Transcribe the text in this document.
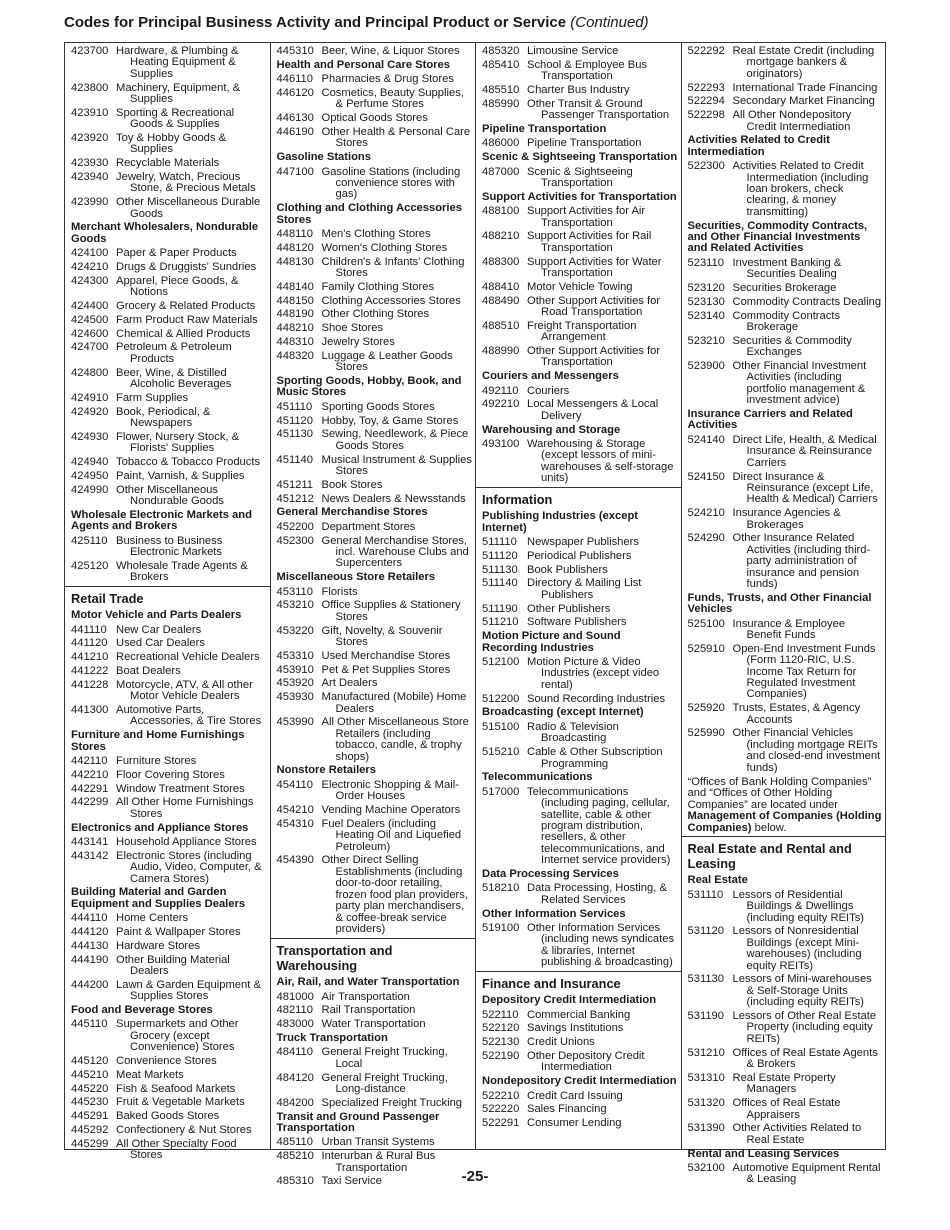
Codes for Principal Business Activity and Principal Product or Service (Continued)
423700 Hardware, & Plumbing & Heating Equipment & Supplies
423800 Machinery, Equipment, & Supplies
423910 Sporting & Recreational Goods & Supplies
423920 Toy & Hobby Goods & Supplies
423930 Recyclable Materials
423940 Jewelry, Watch, Precious Stone, & Precious Metals
423990 Other Miscellaneous Durable Goods
Merchant Wholesalers, Nondurable Goods
424100 Paper & Paper Products
424210 Drugs & Druggists' Sundries
424300 Apparel, Piece Goods, & Notions
424400 Grocery & Related Products
424500 Farm Product Raw Materials
424600 Chemical & Allied Products
424700 Petroleum & Petroleum Products
424800 Beer, Wine, & Distilled Alcoholic Beverages
424910 Farm Supplies
424920 Book, Periodical, & Newspapers
424930 Flower, Nursery Stock, & Florists' Supplies
424940 Tobacco & Tobacco Products
424950 Paint, Varnish, & Supplies
424990 Other Miscellaneous Nondurable Goods
Wholesale Electronic Markets and Agents and Brokers
425110 Business to Business Electronic Markets
425120 Wholesale Trade Agents & Brokers
Retail Trade
Motor Vehicle and Parts Dealers
441110 New Car Dealers
441120 Used Car Dealers
441210 Recreational Vehicle Dealers
441222 Boat Dealers
441228 Motorcycle, ATV, & All other Motor Vehicle Dealers
441300 Automotive Parts, Accessories, & Tire Stores
Furniture and Home Furnishings Stores
442110 Furniture Stores
442210 Floor Covering Stores
442291 Window Treatment Stores
442299 All Other Home Furnishings Stores
Electronics and Appliance Stores
443141 Household Appliance Stores
443142 Electronic Stores (including Audio, Video, Computer, & Camera Stores)
Building Material and Garden Equipment and Supplies Dealers
444110 Home Centers
444120 Paint & Wallpaper Stores
444130 Hardware Stores
444190 Other Building Material Dealers
444200 Lawn & Garden Equipment & Supplies Stores
Food and Beverage Stores
445110 Supermarkets and Other Grocery (except Convenience) Stores
445120 Convenience Stores
445210 Meat Markets
445220 Fish & Seafood Markets
445230 Fruit & Vegetable Markets
445291 Baked Goods Stores
445292 Confectionery & Nut Stores
445299 All Other Specialty Food Stores
445310 Beer, Wine, & Liquor Stores
Health and Personal Care Stores
446110 Pharmacies & Drug Stores
446120 Cosmetics, Beauty Supplies, & Perfume Stores
446130 Optical Goods Stores
446190 Other Health & Personal Care Stores
Gasoline Stations
447100 Gasoline Stations (including convenience stores with gas)
Clothing and Clothing Accessories Stores
448110 Men's Clothing Stores
448120 Women's Clothing Stores
448130 Children's & Infants' Clothing Stores
448140 Family Clothing Stores
448150 Clothing Accessories Stores
448190 Other Clothing Stores
448210 Shoe Stores
448310 Jewelry Stores
448320 Luggage & Leather Goods Stores
Sporting Goods, Hobby, Book, and Music Stores
451110 Sporting Goods Stores
451120 Hobby, Toy, & Game Stores
451130 Sewing, Needlework, & Piece Goods Stores
451140 Musical Instrument & Supplies Stores
451211 Book Stores
451212 News Dealers & Newsstands
General Merchandise Stores
452200 Department Stores
452300 General Merchandise Stores, incl. Warehouse Clubs and Supercenters
Miscellaneous Store Retailers
453110 Florists
453210 Office Supplies & Stationery Stores
453220 Gift, Novelty, & Souvenir Stores
453310 Used Merchandise Stores
453910 Pet & Pet Supplies Stores
453920 Art Dealers
453930 Manufactured (Mobile) Home Dealers
453990 All Other Miscellaneous Store Retailers (including tobacco, candle, & trophy shops)
Nonstore Retailers
454110 Electronic Shopping & Mail-Order Houses
454210 Vending Machine Operators
454310 Fuel Dealers (including Heating Oil and Liquefied Petroleum)
454390 Other Direct Selling Establishments (including door-to-door retailing, frozen food plan providers, party plan merchandisers, & coffee-break service providers)
Transportation and Warehousing
Air, Rail, and Water Transportation
481000 Air Transportation
482110 Rail Transportation
483000 Water Transportation
Truck Transportation
484110 General Freight Trucking, Local
484120 General Freight Trucking, Long-distance
484200 Specialized Freight Trucking
Transit and Ground Passenger Transportation
485110 Urban Transit Systems
485210 Interurban & Rural Bus Transportation
485310 Taxi Service
485320 Limousine Service
485410 School & Employee Bus Transportation
485510 Charter Bus Industry
485990 Other Transit & Ground Passenger Transportation
Pipeline Transportation
486000 Pipeline Transportation
Scenic & Sightseeing Transportation
487000 Scenic & Sightseeing Transportation
Support Activities for Transportation
488100 Support Activities for Air Transportation
488210 Support Activities for Rail Transportation
488300 Support Activities for Water Transportation
488410 Motor Vehicle Towing
488490 Other Support Activities for Road Transportation
488510 Freight Transportation Arrangement
488990 Other Support Activities for Transportation
Couriers and Messengers
492110 Couriers
492210 Local Messengers & Local Delivery
Warehousing and Storage
493100 Warehousing & Storage (except lessors of mini-warehouses & self-storage units)
Information
Publishing Industries (except Internet)
511110 Newspaper Publishers
511120 Periodical Publishers
511130 Book Publishers
511140 Directory & Mailing List Publishers
511190 Other Publishers
511210 Software Publishers
Motion Picture and Sound Recording Industries
512100 Motion Picture & Video Industries (except video rental)
512200 Sound Recording Industries
Broadcasting (except Internet)
515100 Radio & Television Broadcasting
515210 Cable & Other Subscription Programming
Telecommunications
517000 Telecommunications (including paging, cellular, satellite, cable & other program distribution, resellers, & other telecommunications, and Internet service providers)
Data Processing Services
518210 Data Processing, Hosting, & Related Services
Other Information Services
519100 Other Information Services (including news syndicates & libraries, Internet publishing & broadcasting)
Finance and Insurance
Depository Credit Intermediation
522110 Commercial Banking
522120 Savings Institutions
522130 Credit Unions
522190 Other Depository Credit Intermediation
Nondepository Credit Intermediation
522210 Credit Card Issuing
522220 Sales Financing
522291 Consumer Lending
522292 Real Estate Credit (including mortgage bankers & originators)
522293 International Trade Financing
522294 Secondary Market Financing
522298 All Other Nondepository Credit Intermediation
Activities Related to Credit Intermediation
522300 Activities Related to Credit Intermediation (including loan brokers, check clearing, & money transmitting)
Securities, Commodity Contracts, and Other Financial Investments and Related Activities
523110 Investment Banking & Securities Dealing
523120 Securities Brokerage
523130 Commodity Contracts Dealing
523140 Commodity Contracts Brokerage
523210 Securities & Commodity Exchanges
523900 Other Financial Investment Activities (including portfolio management & investment advice)
Insurance Carriers and Related Activities
524140 Direct Life, Health, & Medical Insurance & Reinsurance Carriers
524150 Direct Insurance & Reinsurance (except Life, Health & Medical) Carriers
524210 Insurance Agencies & Brokerages
524290 Other Insurance Related Activities (including third-party administration of insurance and pension funds)
Funds, Trusts, and Other Financial Vehicles
525100 Insurance & Employee Benefit Funds
525910 Open-End Investment Funds (Form 1120-RIC, U.S. Income Tax Return for Regulated Investment Companies)
525920 Trusts, Estates, & Agency Accounts
525990 Other Financial Vehicles (including mortgage REITs and closed-end investment funds)
“Offices of Bank Holding Companies” and “Offices of Other Holding Companies” are located under Management of Companies (Holding Companies) below.
Real Estate and Rental and Leasing
Real Estate
531110 Lessors of Residential Buildings & Dwellings (including equity REITs)
531120 Lessors of Nonresidential Buildings (except Mini-warehouses) (including equity REITs)
531130 Lessors of Mini-warehouses & Self-Storage Units (including equity REITs)
531190 Lessors of Other Real Estate Property (including equity REITs)
531210 Offices of Real Estate Agents & Brokers
531310 Real Estate Property Managers
531320 Offices of Real Estate Appraisers
531390 Other Activities Related to Real Estate
Rental and Leasing Services
532100 Automotive Equipment Rental & Leasing
-25-
